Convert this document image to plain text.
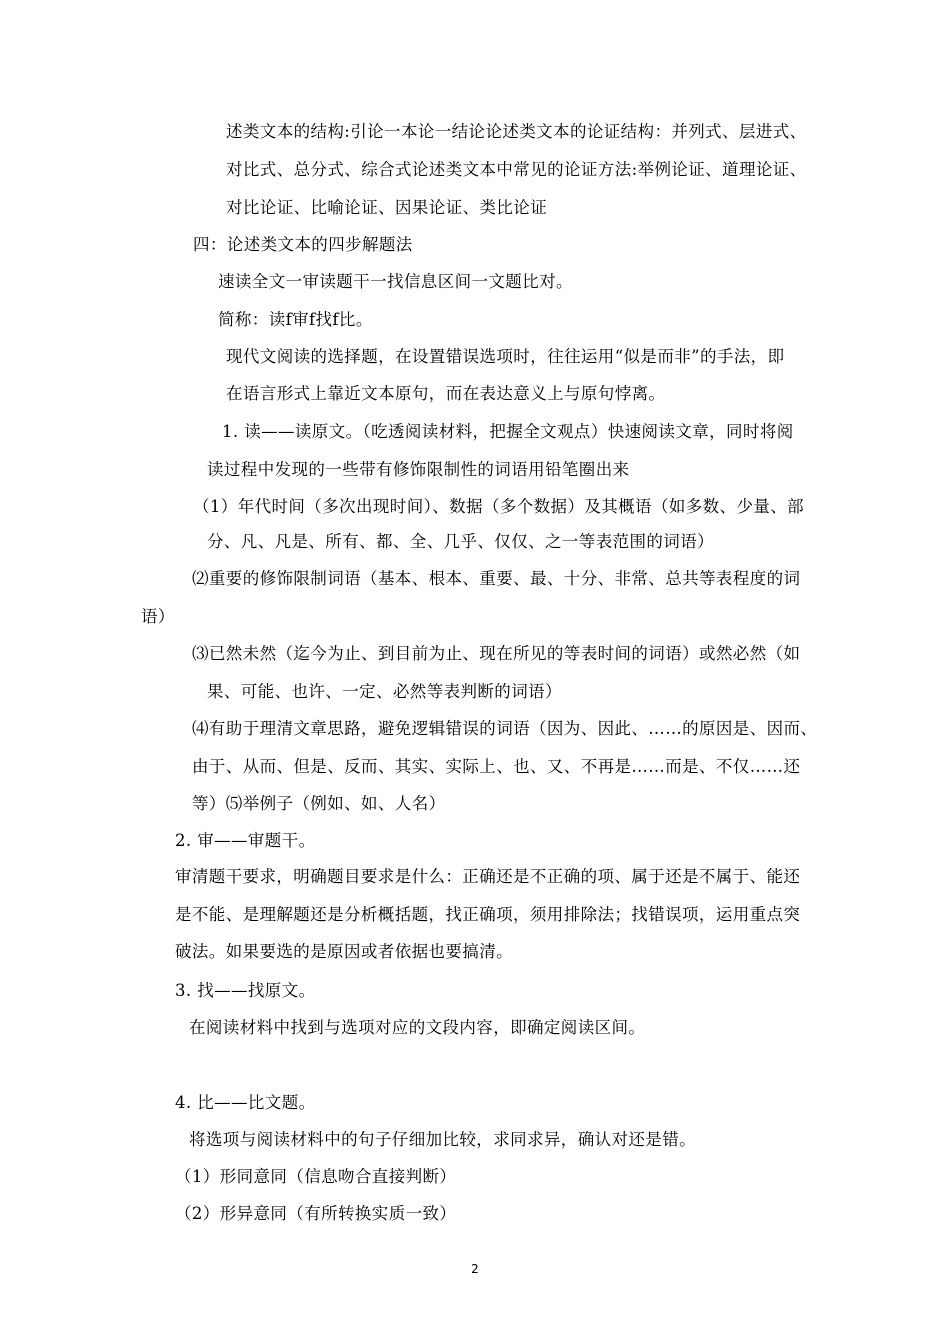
述类文本的结构:引论一本论一结论论述类文本的论证结构：并列式、层进式、
对比式、总分式、综合式论述类文本中常见的论证方法:举例论证、道理论证、
对比论证、比喻论证、因果论证、类比论证
四：论述类文本的四步解题法
速读全文一审读题干一找信息区间一文题比对。
简称：读f审f找f比。
现代文阅读的选择题，在设置错误选项时，往往运用“似是而非”的手法，即
在语言形式上靠近文本原句，而在表达意义上与原句悖离。
1. 读——读原文。（吃透阅读材料，把握全文观点）快速阅读文章，同时将阅
读过程中发现的一些带有修饰限制性的词语用铅笔圈出来
（1）年代时间（多次出现时间）、数据（多个数据）及其概语（如多数、少量、部
分、凡、凡是、所有、都、全、几乎、仅仅、之一等表范围的词语）
⑵重要的修饰限制词语（基本、根本、重要、最、十分、非常、总共等表程度的词
语）
⑶已然未然（迄今为止、到目前为止、现在所见的等表时间的词语）或然必然（如
果、可能、也许、一定、必然等表判断的词语）
⑷有助于理清文章思路，避免逻辑错误的词语（因为、因此、……的原因是、因而、
由于、从而、但是、反而、其实、实际上、也、又、不再是……而是、不仅……还
等）⑸举例子（例如、如、人名）
2. 审——审题干。
审清题干要求，明确题目要求是什么：正确还是不正确的项、属于还是不属于、能还
是不能、是理解题还是分析概括题，找正确项，须用排除法；找错误项，运用重点突
破法。如果要选的是原因或者依据也要搞清。
3. 找——找原文。
在阅读材料中找到与选项对应的文段内容，即确定阅读区间。
4. 比——比文题。
将选项与阅读材料中的句子仔细加比较，求同求异，确认对还是错。
（1）形同意同（信息吻合直接判断）
（2）形异意同（有所转换实质一致）
2
